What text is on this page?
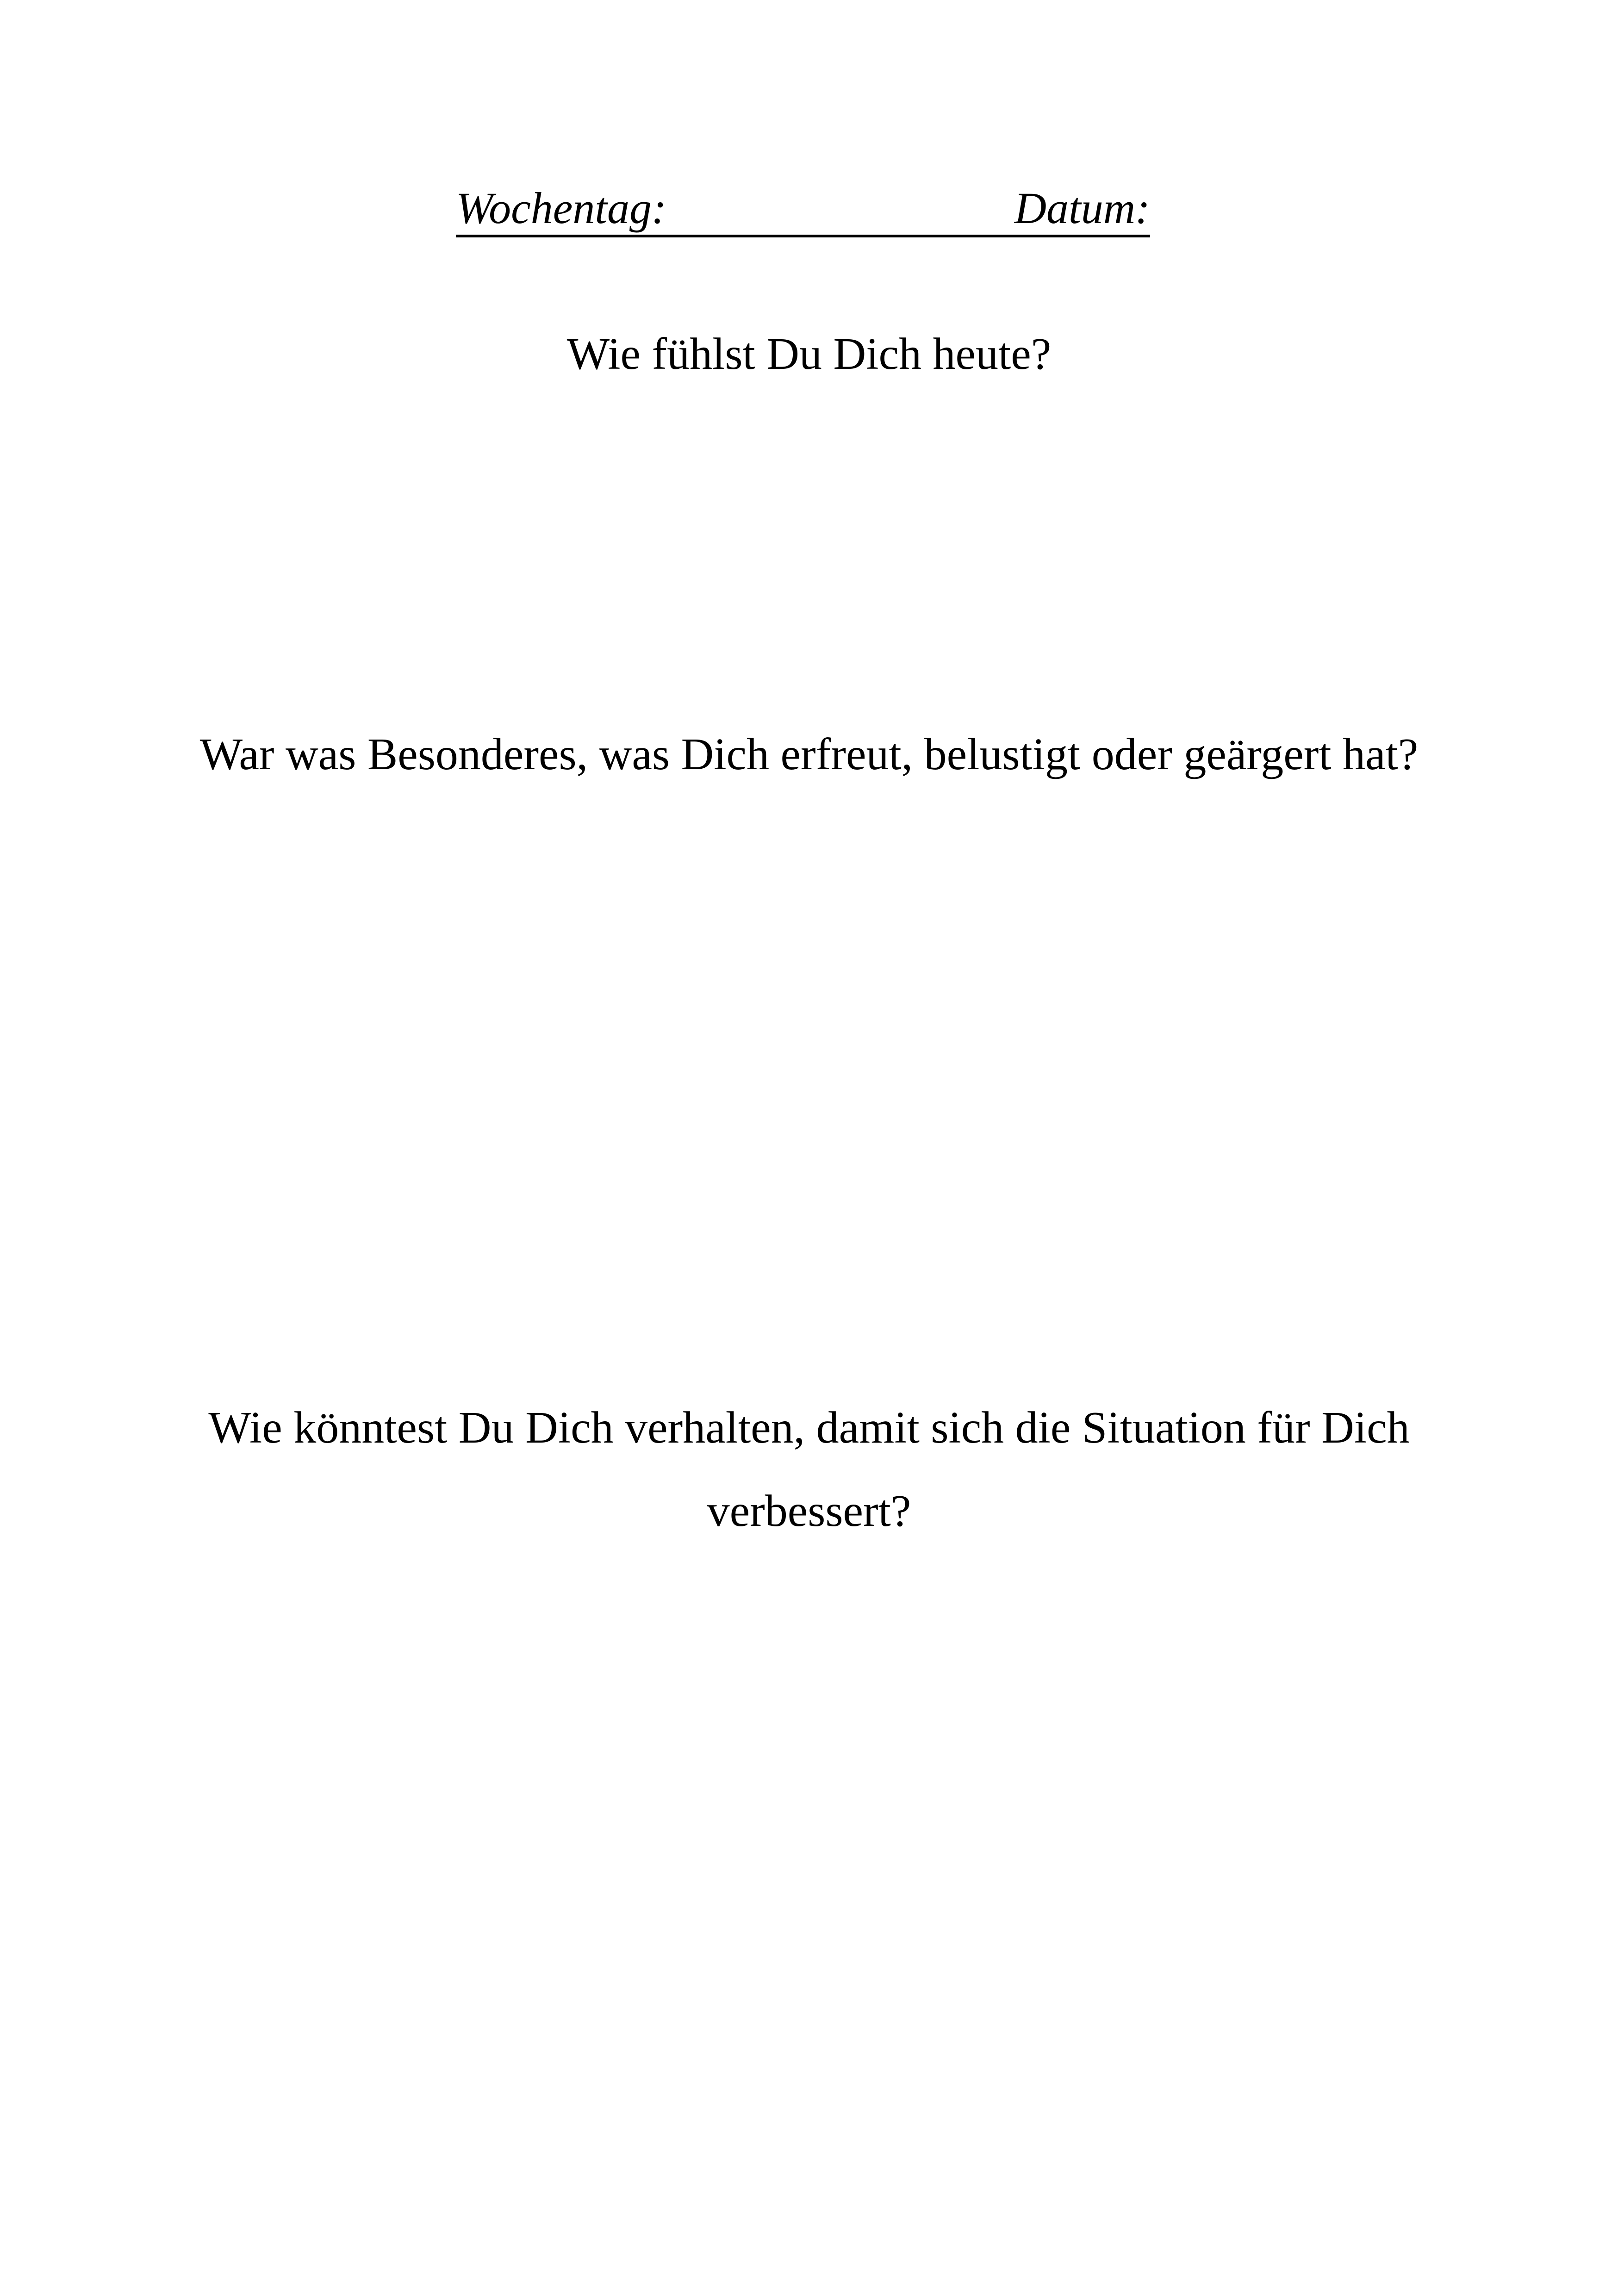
Wochentag:	Datum:
Wie fühlst Du Dich heute?
War was Besonderes, was Dich erfreut, belustigt oder geärgert hat?
Wie könntest Du Dich verhalten, damit sich die Situation für Dich
verbessert?
